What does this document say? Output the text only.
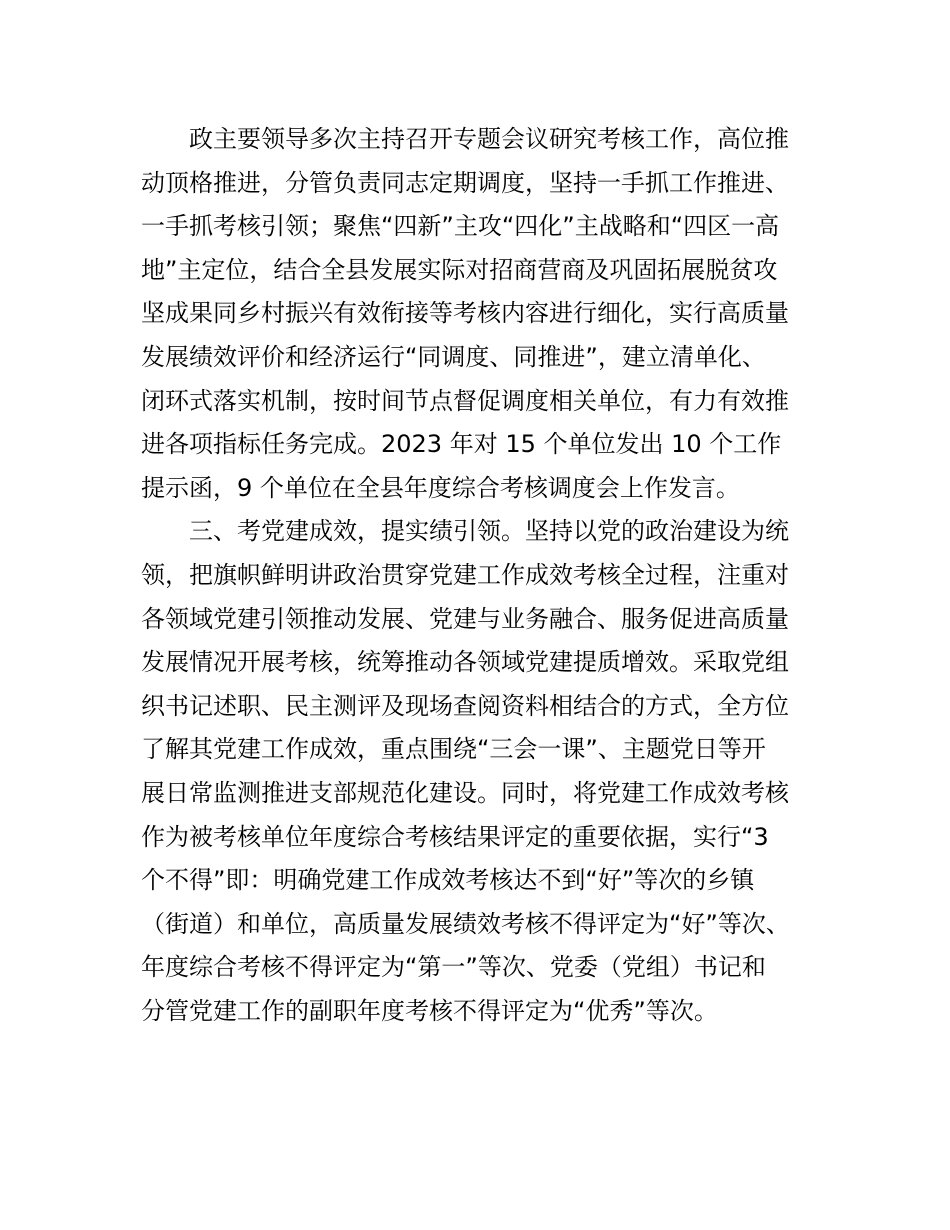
政主要领导多次主持召开专题会议研究考核工作，高位推
动顶格推进，分管负责同志定期调度，坚持一手抓工作推进、
一手抓考核引领；聚焦“四新”主攻“四化”主战略和“四区一高
地”主定位，结合全县发展实际对招商营商及巩固拓展脱贫攻
坚成果同乡村振兴有效衔接等考核内容进行细化，实行高质量
发展绩效评价和经济运行“同调度、同推进”，建立清单化、
闭环式落实机制，按时间节点督促调度相关单位，有力有效推
进各项指标任务完成。2023 年对 15 个单位发出 10 个工作
提示函，9 个单位在全县年度综合考核调度会上作发言。
三、考党建成效，提实绩引领。坚持以党的政治建设为统
领，把旗帜鲜明讲政治贯穿党建工作成效考核全过程，注重对
各领域党建引领推动发展、党建与业务融合、服务促进高质量
发展情况开展考核，统筹推动各领域党建提质增效。采取党组
织书记述职、民主测评及现场查阅资料相结合的方式，全方位
了解其党建工作成效，重点围绕“三会一课”、主题党日等开
展日常监测推进支部规范化建设。同时，将党建工作成效考核
作为被考核单位年度综合考核结果评定的重要依据，实行“3
个不得”即：明确党建工作成效考核达不到“好”等次的乡镇
（街道）和单位，高质量发展绩效考核不得评定为“好”等次、
年度综合考核不得评定为“第一”等次、党委（党组）书记和
分管党建工作的副职年度考核不得评定为“优秀”等次。
